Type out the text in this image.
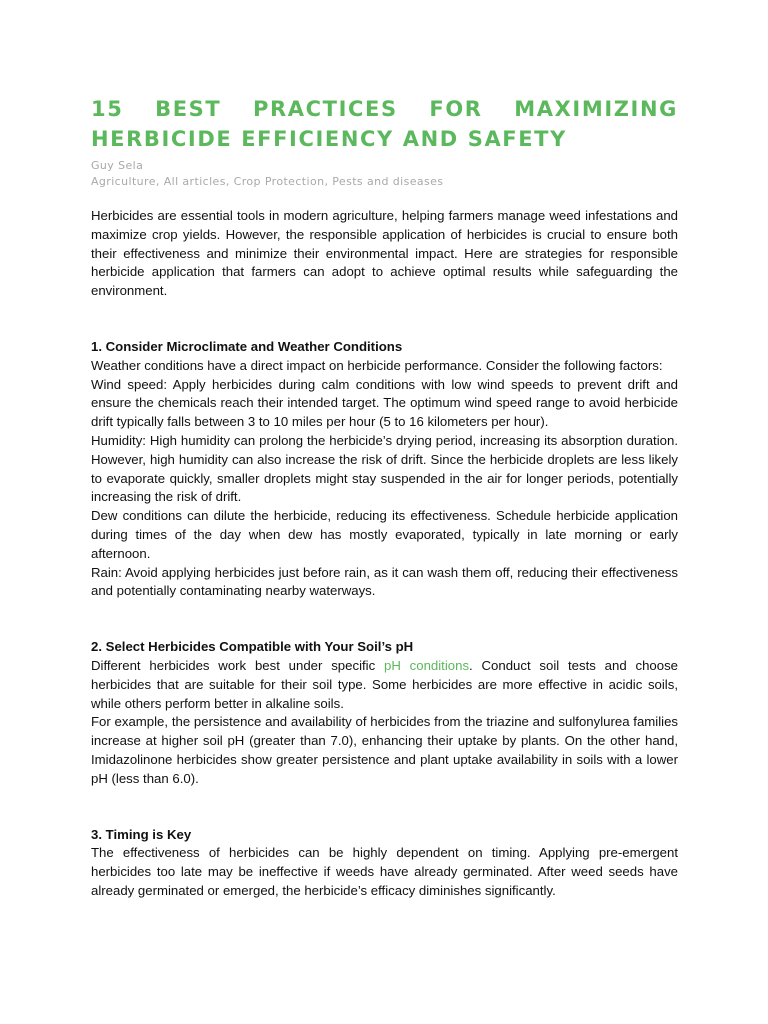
15 BEST PRACTICES FOR MAXIMIZING HERBICIDE EFFICIENCY AND SAFETY
Guy Sela
Agriculture, All articles, Crop Protection, Pests and diseases

Herbicides are essential tools in modern agriculture, helping farmers manage weed infestations and maximize crop yields. However, the responsible application of herbicides is crucial to ensure both their effectiveness and minimize their environmental impact. Here are strategies for responsible herbicide application that farmers can adopt to achieve optimal results while safeguarding the environment.

1. Consider Microclimate and Weather Conditions

Weather conditions have a direct impact on herbicide performance. Consider the following factors:

Wind speed: Apply herbicides during calm conditions with low wind speeds to prevent drift and ensure the chemicals reach their intended target. The optimum wind speed range to avoid herbicide drift typically falls between 3 to 10 miles per hour (5 to 16 kilometers per hour).

Humidity: High humidity can prolong the herbicide’s drying period, increasing its absorption duration. However, high humidity can also increase the risk of drift. Since the herbicide droplets are less likely to evaporate quickly, smaller droplets might stay suspended in the air for longer periods, potentially increasing the risk of drift.

Dew conditions can dilute the herbicide, reducing its effectiveness. Schedule herbicide application during times of the day when dew has mostly evaporated, typically in late morning or early afternoon.

Rain: Avoid applying herbicides just before rain, as it can wash them off, reducing their effectiveness and potentially contaminating nearby waterways.

2. Select Herbicides Compatible with Your Soil’s pH

Different herbicides work best under specific pH conditions. Conduct soil tests and choose herbicides that are suitable for their soil type. Some herbicides are more effective in acidic soils, while others perform better in alkaline soils.

For example, the persistence and availability of herbicides from the triazine and sulfonylurea families increase at higher soil pH (greater than 7.0), enhancing their uptake by plants. On the other hand, Imidazolinone herbicides show greater persistence and plant uptake availability in soils with a lower pH (less than 6.0).

3. Timing is Key

The effectiveness of herbicides can be highly dependent on timing. Applying pre-emergent herbicides too late may be ineffective if weeds have already germinated. After weed seeds have already germinated or emerged, the herbicide’s efficacy diminishes significantly.
